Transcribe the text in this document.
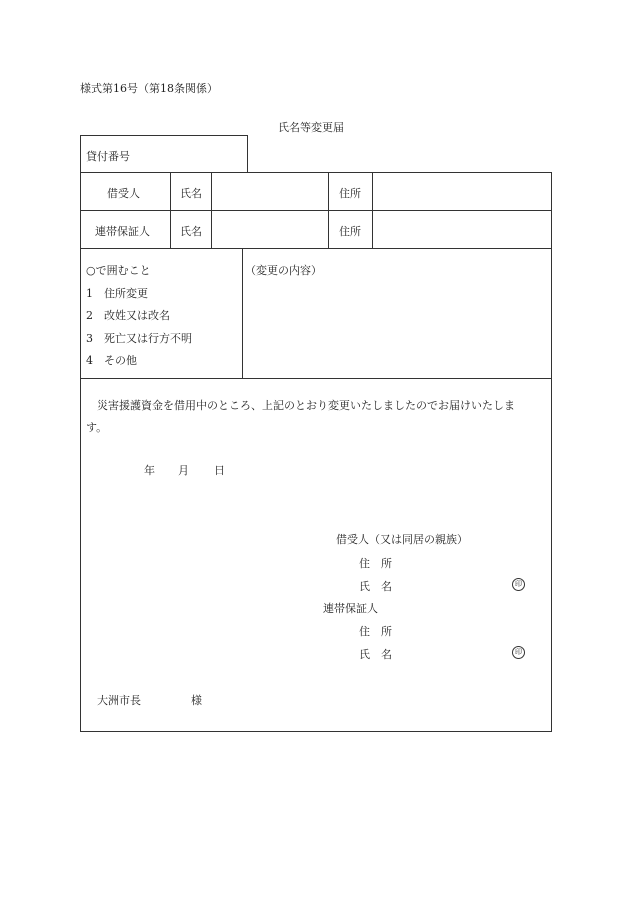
様式第16号（第18条関係）
氏名等変更届
貸付番号
借受人	氏名	住所
連帯保証人	氏名	住所
○で囲むこと
1　住所変更
2　改姓又は改名
3　死亡又は行方不明
4　その他
（変更の内容）
災害援護資金を借用中のところ、上記のとおり変更いたしましたのでお届けいたしま
す。
年 月 日
借受人（又は同居の親族）
住　所
氏　名	印
連帯保証人
住　所
氏　名	印
大洲市長	様
